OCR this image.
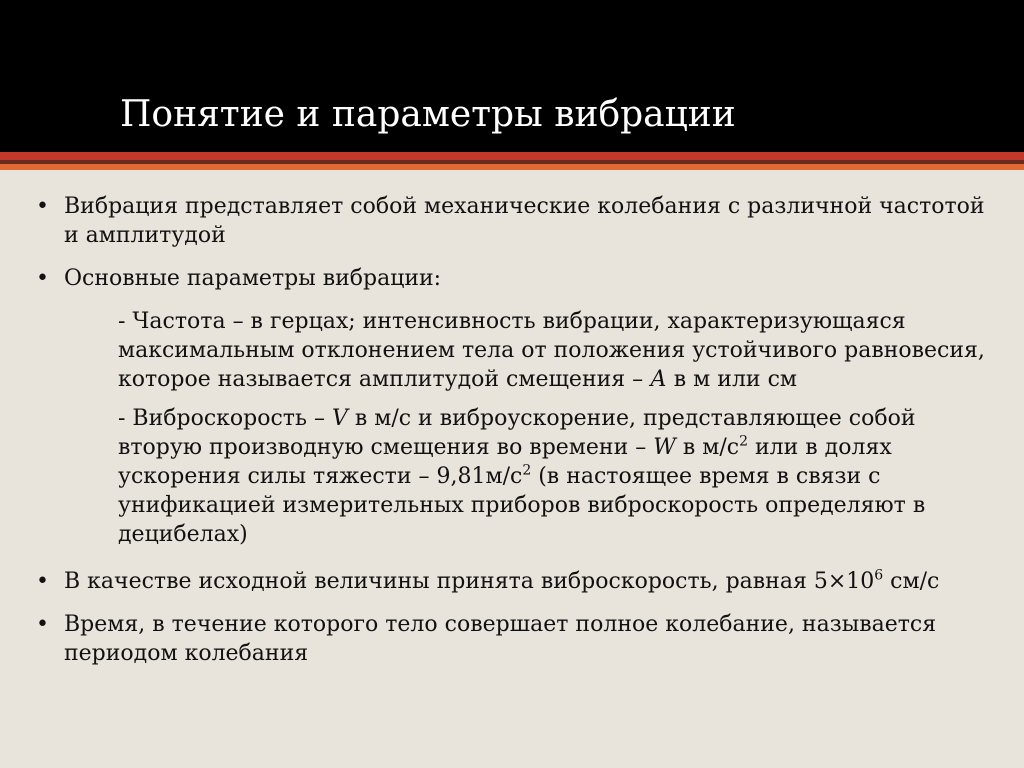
Понятие и параметры вибрации
• Вибрация представляет собой механические колебания с различной частотой и амплитудой
• Основные параметры вибрации:
- Частота – в герцах; интенсивность вибрации, характеризующаяся максимальным отклонением тела от положения устойчивого равновесия, которое называется амплитудой смещения – А в м или см
- Виброскорость – V в м/с и виброускорение, представляющее собой вторую производную смещения во времени – W в $м/с^2$ или в долях ускорения силы тяжести – $9,81м/с^2$ (в настоящее время в связи с унификацией измерительных приборов виброскорость определяют в децибелах)
• В качестве исходной величины принята виброскорость, равная $5\times 10^6$ см/с
• Время, в течение которого тело совершает полное колебание, называется периодом колебания
